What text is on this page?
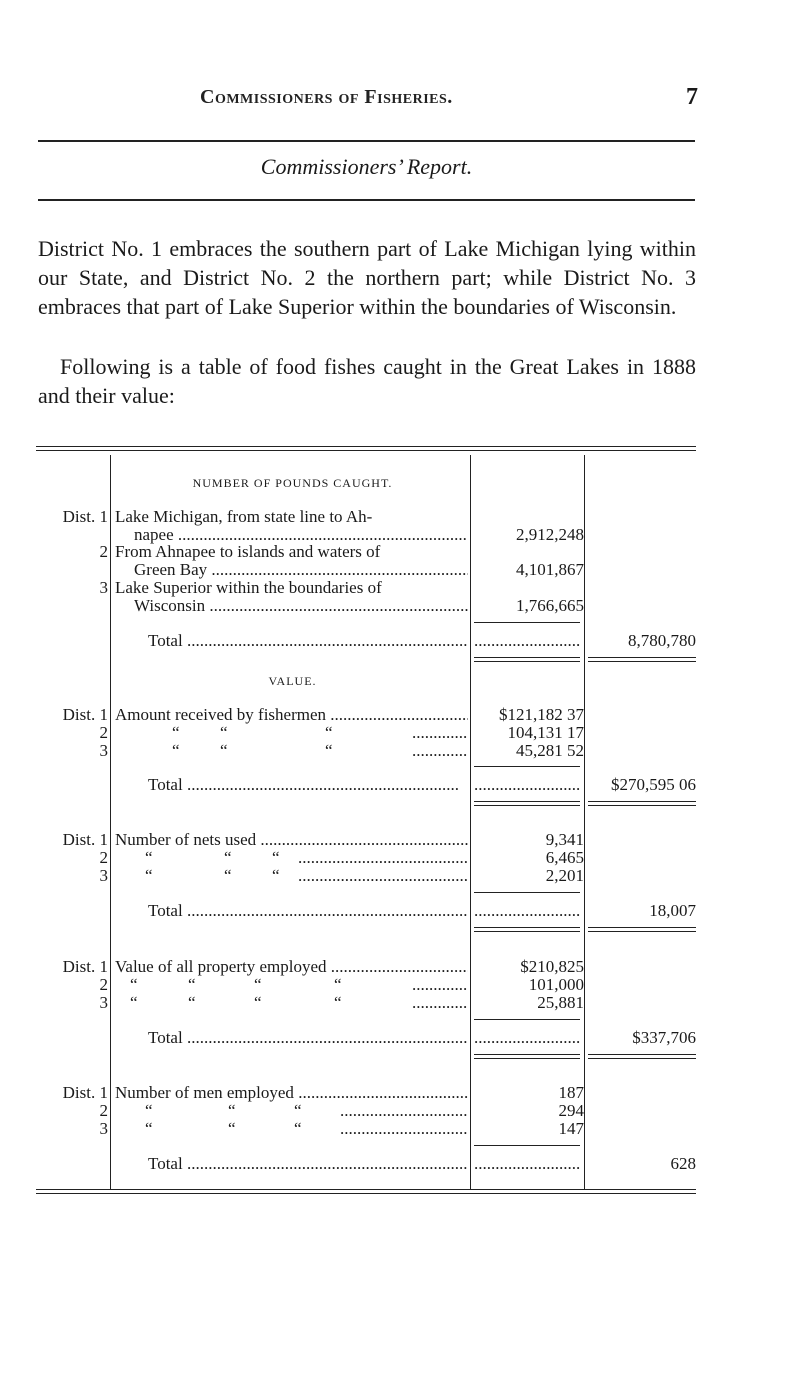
Commissioners of Fisheries.	7
Commissioners’ Report.
District No. 1 embraces the southern part of Lake Michigan lying within our State, and District No. 2 the northern part; while District No. 3 embraces that part of Lake Superior within the boundaries of Wisconsin.
Following is a table of food fishes caught in the Great Lakes in 1888 and their value:
NUMBER OF POUNDS CAUGHT.
Dist. 1 Lake Michigan, from state line to Ah-
napee .....	2,912,248
2 From Ahnapee to islands and waters of
Green Bay .....	4,101,867
3 Lake Superior within the boundaries of
Wisconsin .....	1,766,665
Total ..... .....	8,780,780
VALUE.
Dist. 1 Amount received by fishermen .....	$121,182 37
2	“ “	“ .....	104,131 17
3	“ “	“ .....	45,281 52
Total ..... .....	$270,595 06
Dist. 1 Number of nets used .....	9,341
2 “	“ “ .....	6,465
3 “	“ “ .....	2,201
Total ..... .....	18,007
Dist. 1 Value of all property employed .....	$210,825
2 “	“	“	“ .....	101,000
3 “	“	“	“ .....	25,881
Total ..... .....	$337,706
Dist. 1 Number of men employed .....	187
2 “	“	“ .....	294
3 “	“	“ .....	147
Total ..... .....	628
